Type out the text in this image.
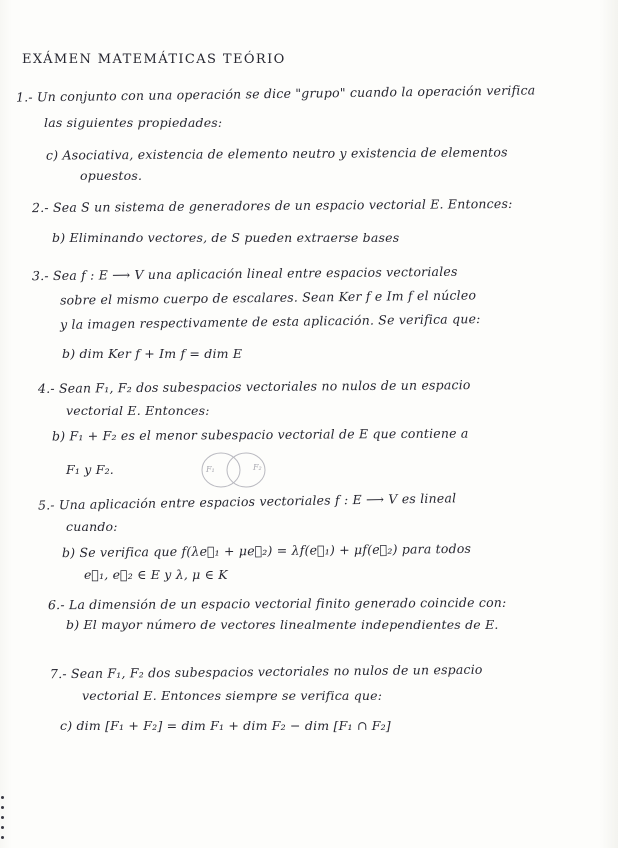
EXÁMEN MATEMÁTICAS TEÓRIO
1.- Un conjunto con una operación se dice "grupo" cuando la operación verifica
las siguientes propiedades:
c) Asociativa, existencia de elemento neutro y existencia de elementos
opuestos.
2.- Sea S un sistema de generadores de un espacio vectorial E. Entonces:
b) Eliminando vectores, de S pueden extraerse bases
3.- Sea f : E ⟶ V una aplicación lineal entre espacios vectoriales
sobre el mismo cuerpo de escalares. Sean Ker f e Im f el núcleo
y la imagen respectivamente de esta aplicación. Se verifica que:
b) dim Ker f + Im f = dim E
4.- Sean F₁, F₂ dos subespacios vectoriales no nulos de un espacio
vectorial E. Entonces:
b) F₁ + F₂ es el menor subespacio vectorial de E que contiene a
F₁ y F₂.	F₁	F₂
5.- Una aplicación entre espacios vectoriales f : E ⟶ V es lineal
cuando:
b) Se verifica que f(λe⃗₁ + μe⃗₂) = λf(e⃗₁) + μf(e⃗₂) para todos
e⃗₁, e⃗₂ ∈ E y λ, μ ∈ K
6.- La dimensión de un espacio vectorial finito generado coincide con:
b) El mayor número de vectores linealmente independientes de E.
7.- Sean F₁, F₂ dos subespacios vectoriales no nulos de un espacio
vectorial E. Entonces siempre se verifica que:
c) dim [F₁ + F₂] = dim F₁ + dim F₂ − dim [F₁ ∩ F₂]
